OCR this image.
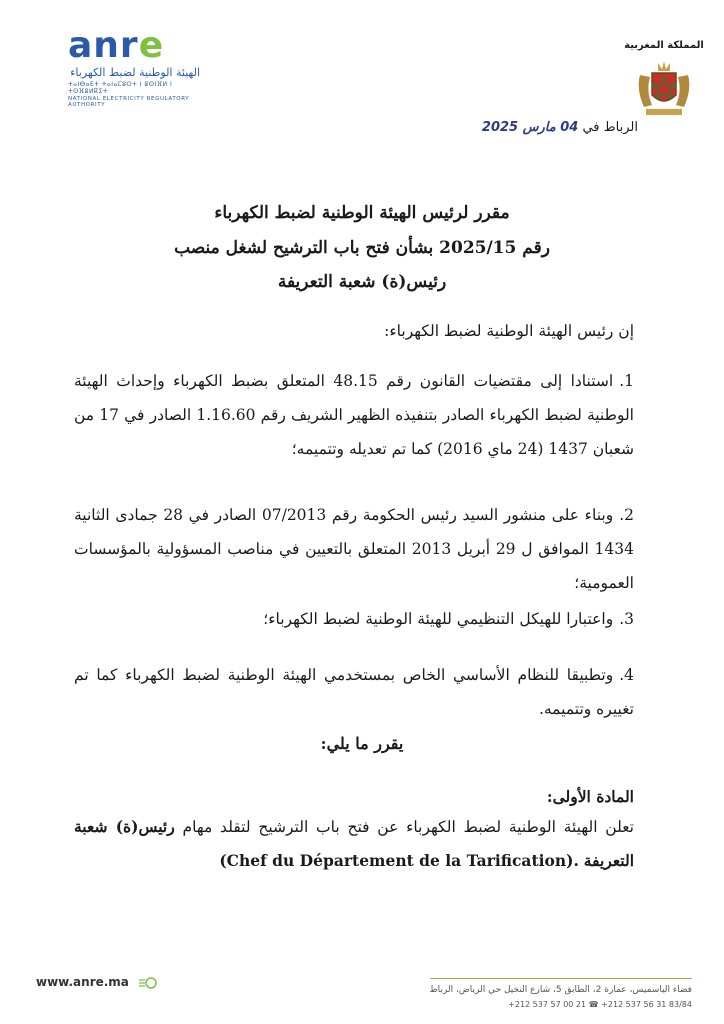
anre
الهيئة الوطنية لضبط الكهرباء
ⵜⴰⵏⴱⴰⴹⵜ ⵜⴰⵏⴰⵎⵓⵔⵜ ⵏ ⵓⵙⵏⴼⵍ ⵏ ⵜⵙⴼⵓⵍⴽⵉⵜ
NATIONAL ELECTRICITY REGULATORY AUTHORITY
المملكة المغربية
الرباط في 04 مارس 2025
مقرر لرئيس الهيئة الوطنية لضبط الكهرباء
رقم 2025/15 بشأن فتح باب الترشيح لشغل منصب
رئيس(ة) شعبة التعريفة
إن رئيس الهيئة الوطنية لضبط الكهرباء:
1.استنادا إلى مقتضيات القانون رقم 48.15 المتعلق بضبط الكهرباء وإحداث الهيئة الوطنية لضبط الكهرباء الصادر بتنفيذه الظهير الشريف رقم 1.16.60 الصادر في 17 من شعبان 1437 (24 ماي 2016) كما تم تعديله وتتميمه؛
2.وبناء على منشور السيد رئيس الحكومة رقم 07/2013 الصادر في 28 جمادى الثانية 1434 الموافق ل 29 أبريل 2013 المتعلق بالتعيين في مناصب المسؤولية بالمؤسسات العمومية؛
3.واعتبارا للهيكل التنظيمي للهيئة الوطنية لضبط الكهرباء؛
4.وتطبيقا للنظام الأساسي الخاص بمستخدمي الهيئة الوطنية لضبط الكهرباء كما تم تغييره وتتميمه.
يقرر ما يلي:
المادة الأولى:
تعلن الهيئة الوطنية لضبط الكهرباء عن فتح باب الترشيح لتقلد مهام رئيس(ة) شعبة التعريفة (Chef du Département de la Tarification).
www.anre.ma
فضاء الياسميس، عمارة 2، الطابق 5، شارع النخيل حي الرياض، الرباط
+212 537 57 00 21 ☎ +212 537 56 31 83/84
